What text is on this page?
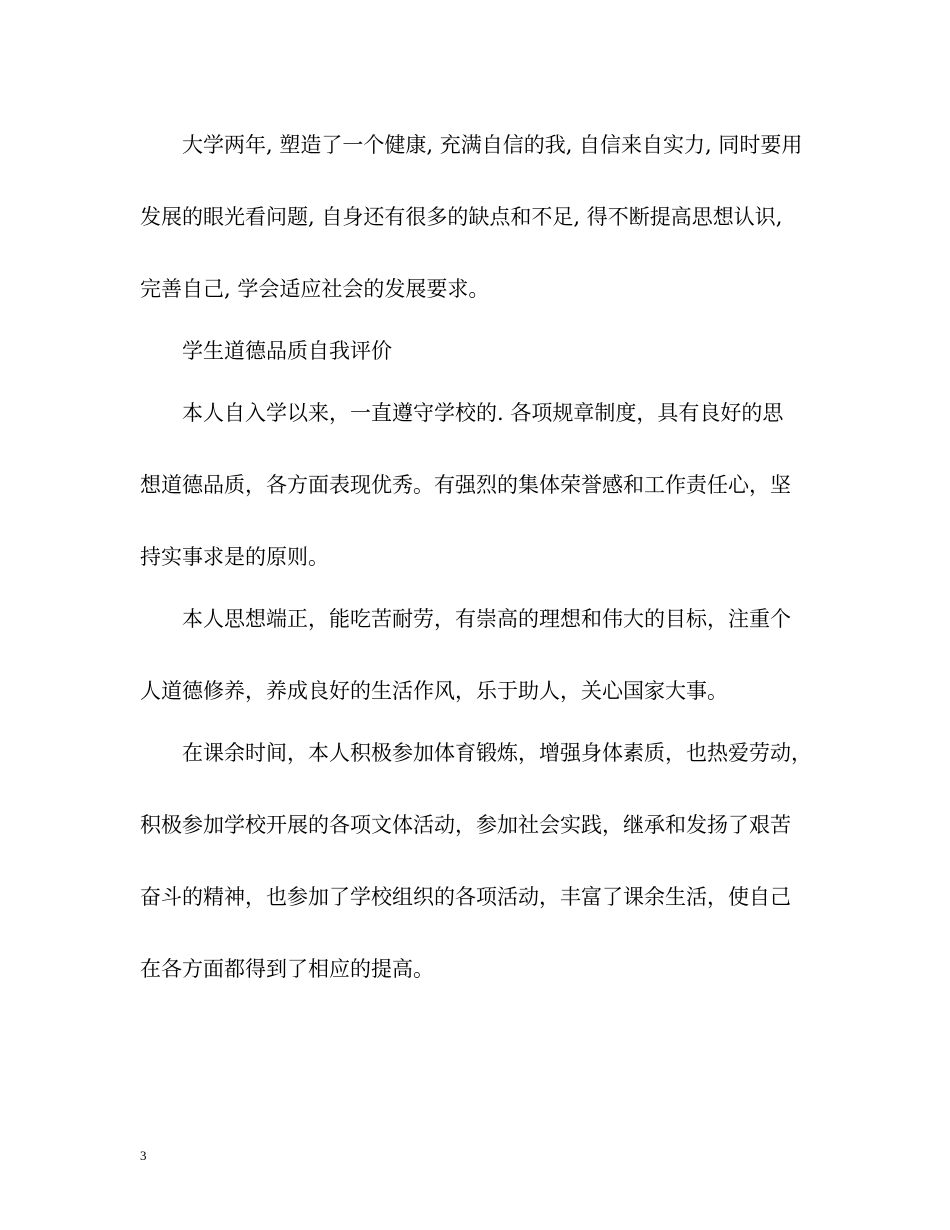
大学两年, 塑造了一个健康, 充满自信的我, 自信来自实力, 同时要用
发展的眼光看问题, 自身还有很多的缺点和不足, 得不断提高思想认识,
完善自己, 学会适应社会的发展要求。
学生道德品质自我评价
本人自入学以来，一直遵守学校的. 各项规章制度，具有良好的思
想道德品质，各方面表现优秀。有强烈的集体荣誉感和工作责任心，坚
持实事求是的原则。
本人思想端正，能吃苦耐劳，有崇高的理想和伟大的目标，注重个
人道德修养，养成良好的生活作风，乐于助人，关心国家大事。
在课余时间，本人积极参加体育锻炼，增强身体素质，也热爱劳动，
积极参加学校开展的各项文体活动，参加社会实践，继承和发扬了艰苦
奋斗的精神，也参加了学校组织的各项活动，丰富了课余生活，使自己
在各方面都得到了相应的提高。
3
